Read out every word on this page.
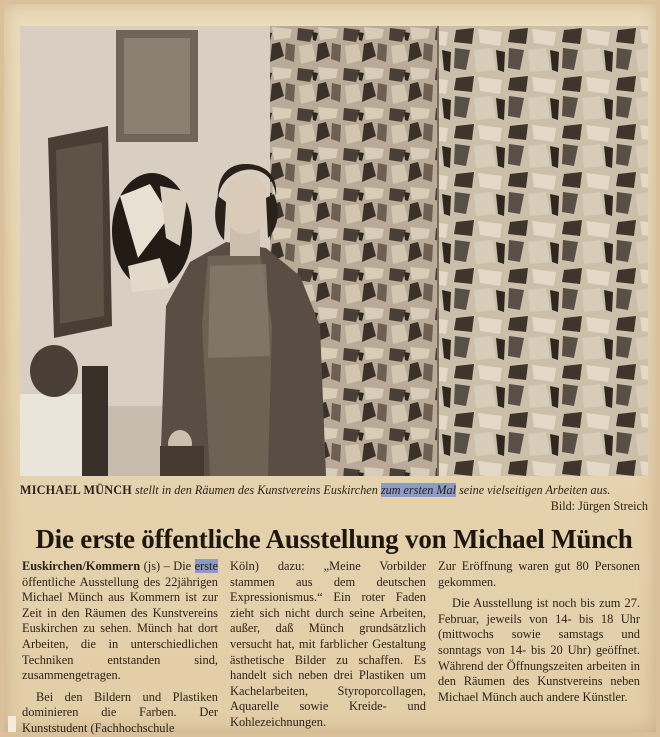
MICHAEL MÜNCH stellt in den Räumen des Kunstvereins Euskirchen zum ersten Mal seine vielseitigen Arbeiten aus.
Bild: Jürgen Streich
Die erste öffentliche Ausstellung von Michael Münch

Euskirchen/Kommern (js) – Die erste öffentliche Ausstellung des 22jährigen Michael Münch aus Kommern ist zur Zeit in den Räumen des Kunstvereins Euskirchen zu sehen. Münch hat dort Arbeiten, die in unterschiedlichen Techniken entstanden sind, zusammengetragen.

Bei den Bildern und Plastiken dominieren die Farben. Der Kunststudent (Fachhochschule

Köln) dazu: „Meine Vorbilder stammen aus dem deutschen Expressionismus.“ Ein roter Faden zieht sich nicht durch seine Arbeiten, außer, daß Münch grundsätzlich versucht hat, mit farblicher Gestaltung ästhetische Bilder zu schaffen. Es handelt sich neben drei Plastiken um Kachelarbeiten, Styroporcollagen, Aquarelle sowie Kreide- und Kohlezeichnungen.

Zur Eröffnung waren gut 80 Personen gekommen.

Die Ausstellung ist noch bis zum 27. Februar, jeweils von 14- bis 18 Uhr (mittwochs sowie samstags und sonntags von 14- bis 20 Uhr) geöffnet. Während der Öffnungszeiten arbeiten in den Räumen des Kunstvereins neben Michael Münch auch andere Künstler.
